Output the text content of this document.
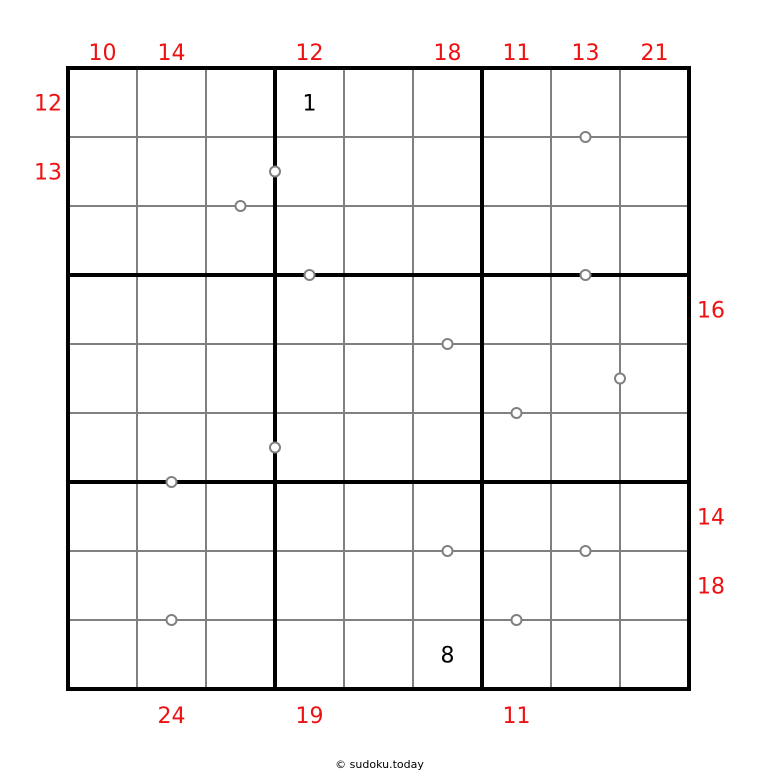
1
8
10 14	12	18 11 13 21
24	19	11
12
13
16
14
18
© sudoku.today
